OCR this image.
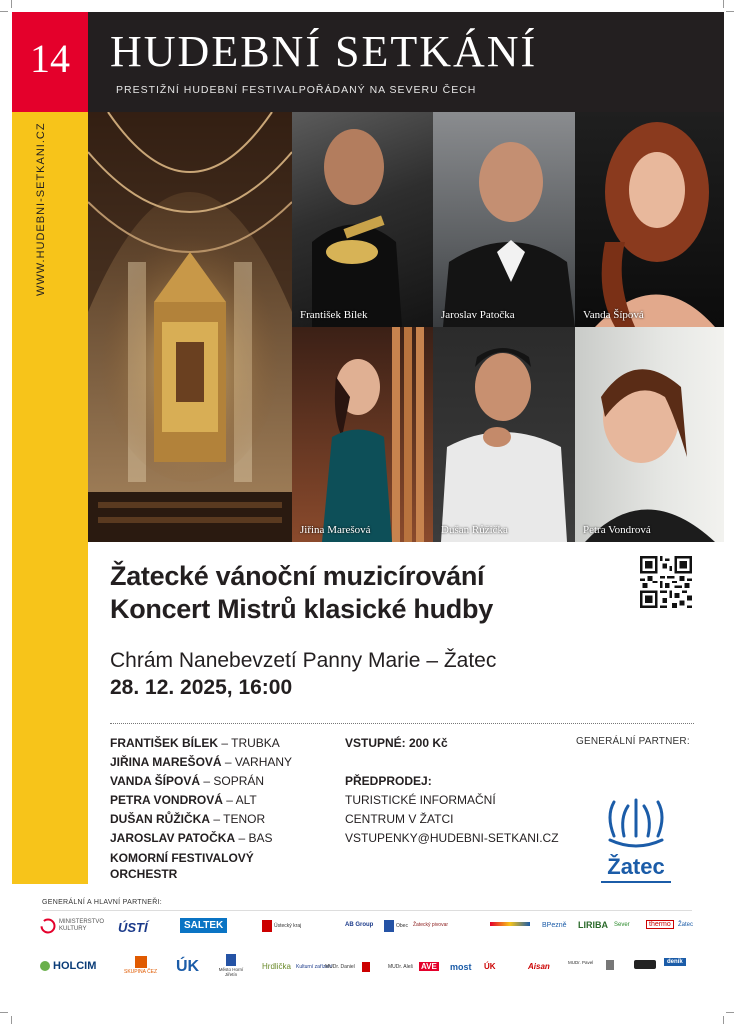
14 HUDEBNÍ SETKÁNÍ
PRESTIŽNÍ HUDEBNÍ FESTIVALPOŘÁDANÝ NA SEVERU ČECH
WWW.HUDEBNI-SETKANI.CZ
František Bílek	Jaroslav Patočka	Vanda Šípová
Jiřina Marešová	Dušan Růžička	Petra Vondrová
Žatecké vánoční muzicírování
Koncert Mistrů klasické hudby
Chrám Nanebevzetí Panny Marie – Žatec
28. 12. 2025, 16:00
FRANTIŠEK BÍLEK – TRUBKA
JIŘINA MAREŠOVÁ – VARHANY
VANDA ŠÍPOVÁ – SOPRÁN
PETRA VONDROVÁ – ALT
DUŠAN RŮŽIČKA – TENOR
JAROSLAV PATOČKA – BAS
KOMORNÍ FESTIVALOVÝ ORCHESTR
VSTUPNÉ: 200 Kč
PŘEDPRODEJ:
TURISTICKÉ INFORMAČNÍ
CENTRUM V ŽATCI
VSTUPENKY@HUDEBNI-SETKANI.CZ
GENERÁLNÍ PARTNER:
Žatec
GENERÁLNÍ A HLAVNÍ PARTNEŘI:
MINISTERSTVO KULTURY	ÚSTÍ	SALTEK	Ústecký kraj	AB Group	Obec Žatecký pivovar	BPezně LIRIBA Sever	thermo Žatec
HOLCIM	SKUPINA ČEZ ÚK	Město Horní Jiřetín
Hrdlička Kulturní zařízení
MUDr. Daniel	MUDr. Aleš AVE most ÚK	Aisan	MUDr. Pavel	deník
